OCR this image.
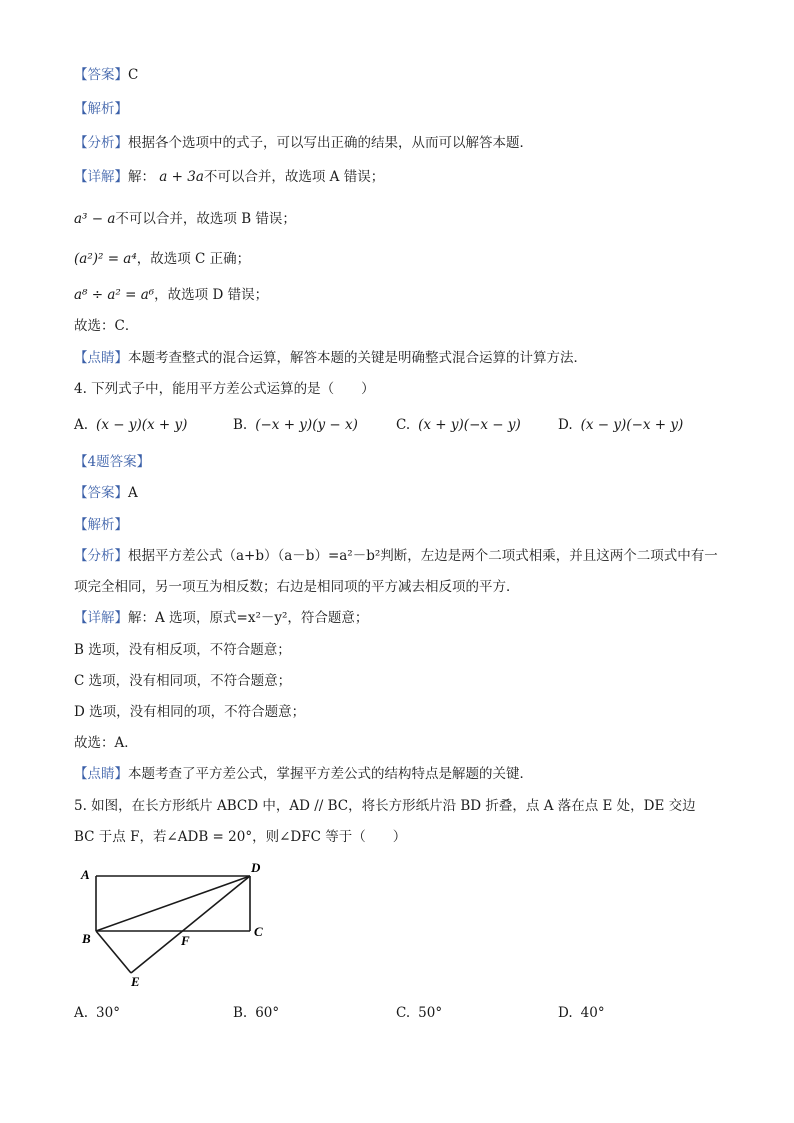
【答案】C
【解析】
【分析】根据各个选项中的式子，可以写出正确的结果，从而可以解答本题．
【详解】解： a + 3a不可以合并，故选项 A 错误；
a³ − a不可以合并，故选项 B 错误；
(a²)² = a⁴，故选项 C 正确；
a⁸ ÷ a² = a⁶，故选项 D 错误；
故选：C．
【点睛】本题考查整式的混合运算，解答本题的关键是明确整式混合运算的计算方法．
4. 下列式子中，能用平方差公式运算的是（　　）
A. (x − y)(x + y)	B. (−x + y)(y − x)	C. (x + y)(−x − y)	D. (x − y)(−x + y)
【4题答案】
【答案】A
【解析】
【分析】根据平方差公式（a+b）（a－b）=a²－b²判断，左边是两个二项式相乘，并且这两个二项式中有一
项完全相同，另一项互为相反数；右边是相同项的平方减去相反项的平方．
【详解】解：A 选项，原式=x²－y²，符合题意；
B 选项，没有相反项，不符合题意；
C 选项，没有相同项，不符合题意；
D 选项，没有相同的项，不符合题意；
故选：A．
【点睛】本题考查了平方差公式，掌握平方差公式的结构特点是解题的关键．
5. 如图，在长方形纸片 ABCD 中，AD // BC，将长方形纸片沿 BD 折叠，点 A 落在点 E 处，DE 交边
BC 于点 F，若∠ADB = 20°，则∠DFC 等于（　　）
A	D
B	C
F
E
A. 30°	B. 60°	C. 50°	D. 40°
